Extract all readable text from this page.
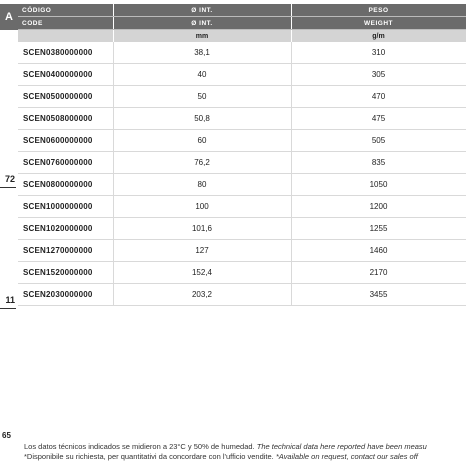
A
72
11
CÓDIGO	Ø INT.	PESO
CODE	Ø INT.	WEIGHT
	mm	g/m
SCEN0380000000	38,1	310
SCEN0400000000	40	305
SCEN0500000000	50	470
SCEN0508000000	50,8	475
SCEN0600000000	60	505
SCEN0760000000	76,2	835
SCEN0800000000	80	1050
SCEN1000000000	100	1200
SCEN1020000000	101,6	1255
SCEN1270000000	127	1460
SCEN1520000000	152,4	2170
SCEN2030000000	203,2	3455
65
Los datos técnicos indicados se midieron a 23°C y 50% de humedad. The technical data here reported have been measu
*Disponibile su richiesta, per quantitativi da concordare con l'ufficio vendite. *Available on request, contact our sales off
